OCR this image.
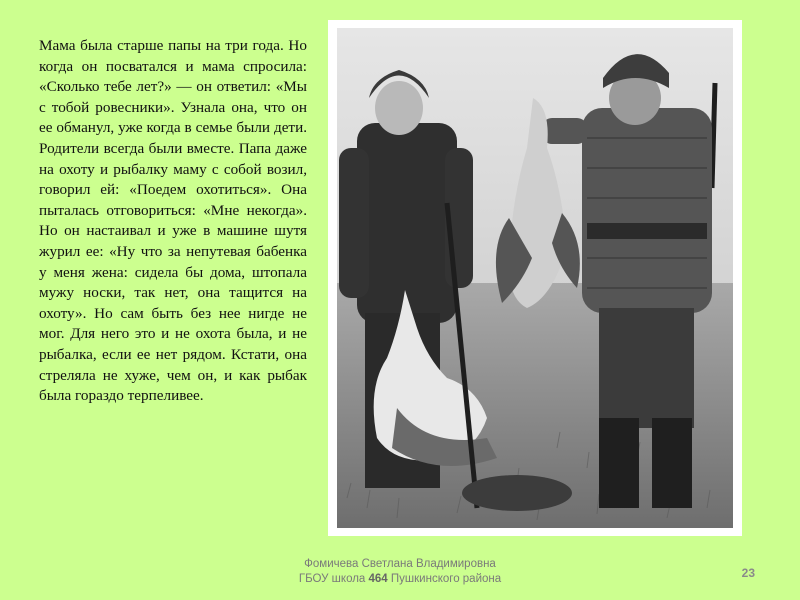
Мама была старше папы на три года. Но когда он посватался и мама спросила: «Сколько тебе лет?» — он ответил: «Мы с тобой ровесники». Узнала она, что он ее обманул, уже когда в семье были дети. Родители всегда были вместе. Папа даже на охоту и рыбалку маму с собой возил, говорил ей: «Поедем охотиться». Она пыталась отговориться: «Мне некогда». Но он настаивал и уже в машине шутя журил ее: «Ну что за непутевая бабенка у меня жена: сидела бы дома, штопала мужу носки, так нет, она тащится на охоту». Но сам быть без нее нигде не мог. Для него это и не охота была, и не рыбалка, если ее нет рядом. Кстати, она стреляла не хуже, чем он, и как рыбак была гораздо терпеливее.

Фомичева Светлана Владимировна
ГБОУ школа 464 Пушкинского района	23
